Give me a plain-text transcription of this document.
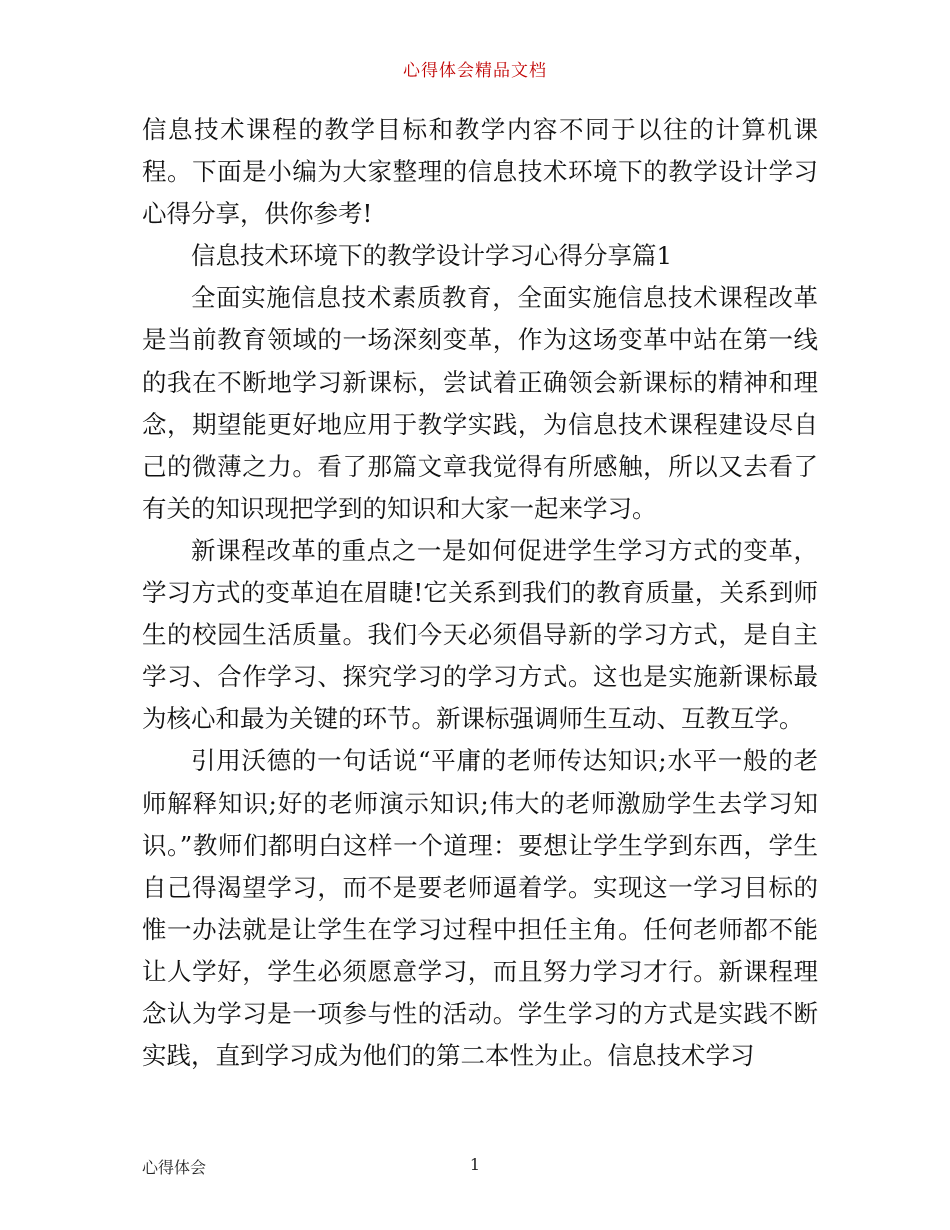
心得体会精品文档

信息技术课程的教学目标和教学内容不同于以往的计算机课程。下面是小编为大家整理的信息技术环境下的教学设计学习心得分享，供你参考!

信息技术环境下的教学设计学习心得分享篇1

全面实施信息技术素质教育，全面实施信息技术课程改革是当前教育领域的一场深刻变革，作为这场变革中站在第一线的我在不断地学习新课标，尝试着正确领会新课标的精神和理念，期望能更好地应用于教学实践，为信息技术课程建设尽自己的微薄之力。看了那篇文章我觉得有所感触，所以又去看了有关的知识现把学到的知识和大家一起来学习。

新课程改革的重点之一是如何促进学生学习方式的变革，学习方式的变革迫在眉睫!它关系到我们的教育质量，关系到师生的校园生活质量。我们今天必须倡导新的学习方式，是自主学习、合作学习、探究学习的学习方式。这也是实施新课标最为核心和最为关键的环节。新课标强调师生互动、互教互学。

引用沃德的一句话说“平庸的老师传达知识;水平一般的老师解释知识;好的老师演示知识;伟大的老师激励学生去学习知识。”教师们都明白这样一个道理：要想让学生学到东西，学生自己得渴望学习，而不是要老师逼着学。实现这一学习目标的惟一办法就是让学生在学习过程中担任主角。任何老师都不能让人学好，学生必须愿意学习，而且努力学习才行。新课程理念认为学习是一项参与性的活动。学生学习的方式是实践不断实践，直到学习成为他们的第二本性为止。信息技术学习

心得体会	1
